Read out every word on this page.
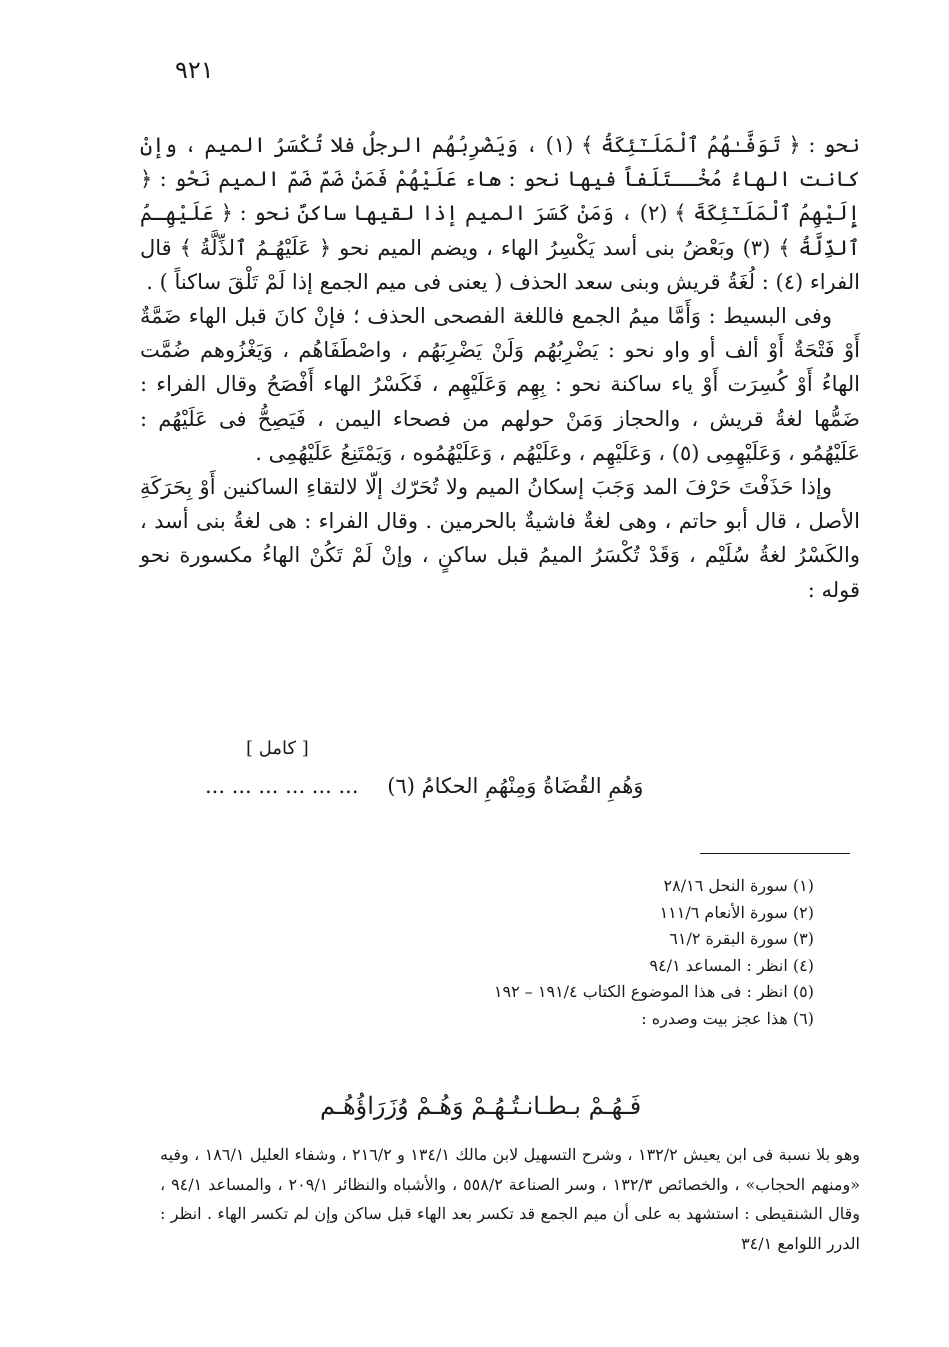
٩٢١

نحو : ﴿ تَوَفَّـٰهُمُ ٱلْمَلَـٰٓئِكَةُ ﴾ (١) ، وَيَضْرِبُهُم الرجلُ فلا تُكْسَرُ الميم ، وإنْ كانت الهاءُ مُخْــتَلَفاً فيها نحو : هاء عَلَيْهُمْ فَمَنْ ضَمّ ضَمّ الميم نَحْو : ﴿ إِلَيْهِمُ ٱلْمَلَـٰٓئِكَةَ ﴾ (٢) ، وَمَنْ كَسَرَ الميم إذا لقيها ساكنٌ نحو : ﴿ عَلَيْهِـمُ ٱلذِّلَّةُ ﴾ (٣) وبَعْضُ بنى أسد يَكْسِرُ الهاء ، ويضم الميم نحو ﴿ عَلَيْهُـمُ ٱلذِّلَّةُ ﴾ قال الفراء (٤) : لُغَةُ قريش وبنى سعد الحذف ( يعنى فى ميم الجمع إذا لَمْ تَلْقَ ساكناً ) .

وفى البسيط : وَأَمَّا ميمُ الجمع فاللغة الفصحى الحذف ؛ فإنْ كانَ قبل الهاء ضَمَّةٌ أَوْ فَتْحَةٌ أَوْ ألف أو واو نحو : يَضْرِبُهُم وَلَنْ يَضْرِبَهُم ، واصْطَفَاهُم ، وَيَغْزُوهم ضُمَّت الهاءُ أَوْ كُسِرَت أَوْ ياء ساكنة نحو : بِهِم وَعَلَيْهِم ، فَكَسْرُ الهاء أَفْصَحُ وقال الفراء : ضَمُّها لغةُ قريش ، والحجاز وَمَنْ حولهم من فصحاء اليمن ، فَيَصِحُّ فى عَلَيْهُم : عَلَيْهُمُو ، وَعَلَيْهِمِى (٥) ، وَعَلَيْهِم ، وعَلَيْهُم ، وَعَلَيْهُمُوه ، وَيَمْتَنِعُ عَلَيْهُمِى .

وإذا حَذَفْتَ حَرْفَ المد وَجَبَ إسكانُ الميم ولا تُحَرّك إلّا لالتقاءِ الساكنين أَوْ بِحَرَكَةِ الأصل ، قال أبو حاتم ، وهى لغةٌ فاشيةٌ بالحرمين . وقال الفراء : هى لغةُ بنى أسد ، والكَسْرُ لغةُ سُلَيْم ، وَقَدْ تُكْسَرُ الميمُ قبل ساكنٍ ، وإنْ لَمْ تَكُنْ الهاءُ مكسورة نحو قوله :

[ كامل ]
وَهُمِ القُضَاةُ وَمِنْهُمِ الحكامُ (٦) ... ... ... ... ... ...
(١) سورة النحل ٢٨/١٦
(٢) سورة الأنعام ١١١/٦
(٣) سورة البقرة ٦١/٢
(٤) انظر : المساعد ٩٤/١
(٥) انظر : فى هذا الموضوع الكتاب ١٩١/٤ – ١٩٢
(٦) هذا عجز بيت وصدره :
فَـهُـمْ بـطـانـتُـهُـمْ وَهُـمْ وُزَرَاؤُهُـم
وهو بلا نسبة فى ابن يعيش ١٣٢/٢ ، وشرح التسهيل لابن مالك ١٣٤/١ و ٢١٦/٢ ، وشفاء العليل ١٨٦/١ ، وفيه «ومنهم الحجاب» ، والخصائص ١٣٢/٣ ، وسر الصناعة ٥٥٨/٢ ، والأشباه والنظائر ٢٠٩/١ ، والمساعد ٩٤/١ ، وقال الشنقيطى : استشهد به على أن ميم الجمع قد تكسر بعد الهاء قبل ساكن وإن لم تكسر الهاء . انظر : الدرر اللوامع ٣٤/١
